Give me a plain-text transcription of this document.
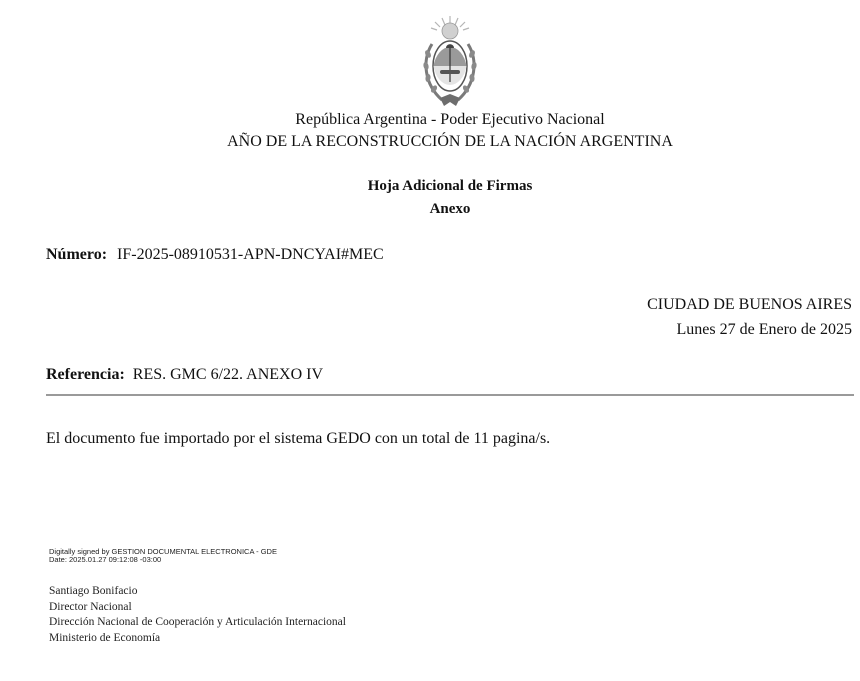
República Argentina - Poder Ejecutivo Nacional
AÑO DE LA RECONSTRUCCIÓN DE LA NACIÓN ARGENTINA
Hoja Adicional de Firmas
Anexo
Número: IF-2025-08910531-APN-DNCYAI#MEC
CIUDAD DE BUENOS AIRES
Lunes 27 de Enero de 2025
Referencia: RES. GMC 6/22. ANEXO IV
El documento fue importado por el sistema GEDO con un total de 11 pagina/s.
Digitally signed by GESTION DOCUMENTAL ELECTRONICA - GDE
Date: 2025.01.27 09:12:08 -03:00
Santiago Bonifacio
Director Nacional
Dirección Nacional de Cooperación y Articulación Internacional
Ministerio de Economía
